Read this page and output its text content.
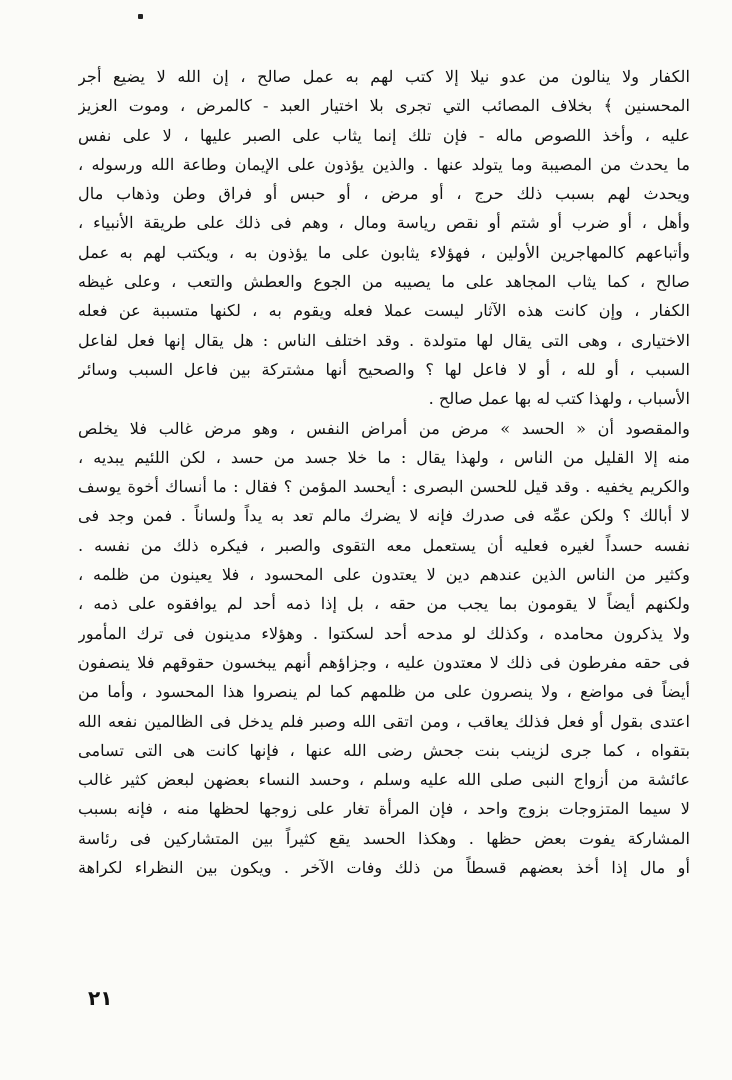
الكفار ولا ينالون من عدو نيلا إلا كتب لهم به عمل صالح ، إن الله لا يضيع أجر
المحسنين ﴾ بخلاف المصائب التي تجرى بلا اختيار العبد - كالمرض ، وموت العزيز
عليه ، وأخذ اللصوص ماله - فإن تلك إنما يثاب على الصبر عليها ، لا على نفس
ما يحدث من المصيبة وما يتولد عنها . والذين يؤذون على الإيمان وطاعة الله ورسوله ،
ويحدث لهم بسبب ذلك حرج ، أو مرض ، أو حبس أو فراق وطن وذهاب مال
وأهل ، أو ضرب أو شتم أو نقص رياسة ومال ، وهم فى ذلك على طريقة الأنبياء ،
وأتباعهم كالمهاجرين الأولين ، فهؤلاء يثابون على ما يؤذون به ، ويكتب لهم به عمل
صالح ، كما يثاب المجاهد على ما يصيبه من الجوع والعطش والتعب ، وعلى غيظه
الكفار ، وإن كانت هذه الآثار ليست عملا فعله ويقوم به ، لكنها متسببة عن فعله
الاختيارى ، وهى التى يقال لها متولدة . وقد اختلف الناس : هل يقال إنها فعل لفاعل
السبب ، أو لله ، أو لا فاعل لها ؟ والصحيح أنها مشتركة بين فاعل السبب وسائر
الأسباب ، ولهذا كتب له بها عمل صالح .
والمقصود أن « الحسد » مرض من أمراض النفس ، وهو مرض غالب فلا يخلص
منه إلا القليل من الناس ، ولهذا يقال : ما خلا جسد من حسد ، لكن اللئيم يبديه ،
والكريم يخفيه . وقد قيل للحسن البصرى : أيحسد المؤمن ؟ فقال : ما أنساك أخوة يوسف
لا أبالك ؟ ولكن عمِّه فى صدرك فإنه لا يضرك مالم تعد به يداً ولساناً . فمن وجد فى
نفسه حسداً لغيره فعليه أن يستعمل معه التقوى والصبر ، فيكره ذلك من نفسه .
وكثير من الناس الذين عندهم دين لا يعتدون على المحسود ، فلا يعينون من ظلمه ،
ولكنهم أيضاً لا يقومون بما يجب من حقه ، بل إذا ذمه أحد لم يوافقوه على ذمه ،
ولا يذكرون محامده ، وكذلك لو مدحه أحد لسكتوا . وهؤلاء مدينون فى ترك المأمور
فى حقه مفرطون فى ذلك لا معتدون عليه ، وجزاؤهم أنهم يبخسون حقوقهم فلا ينصفون
أيضاً فى مواضع ، ولا ينصرون على من ظلمهم كما لم ينصروا هذا المحسود ، وأما من
اعتدى بقول أو فعل فذلك يعاقب ، ومن اتقى الله وصبر فلم يدخل فى الظالمين نفعه الله
بتقواه ، كما جرى لزينب بنت جحش رضى الله عنها ، فإنها كانت هى التى تسامى
عائشة من أزواج النبى صلى الله عليه وسلم ، وحسد النساء بعضهن لبعض كثير غالب
لا سيما المتزوجات بزوج واحد ، فإن المرأة تغار على زوجها لحظها منه ، فإنه بسبب
المشاركة يفوت بعض حظها . وهكذا الحسد يقع كثيراً بين المتشاركين فى رئاسة
أو مال إذا أخذ بعضهم قسطاً من ذلك وفات الآخر . ويكون بين النظراء لكراهة
٢١
